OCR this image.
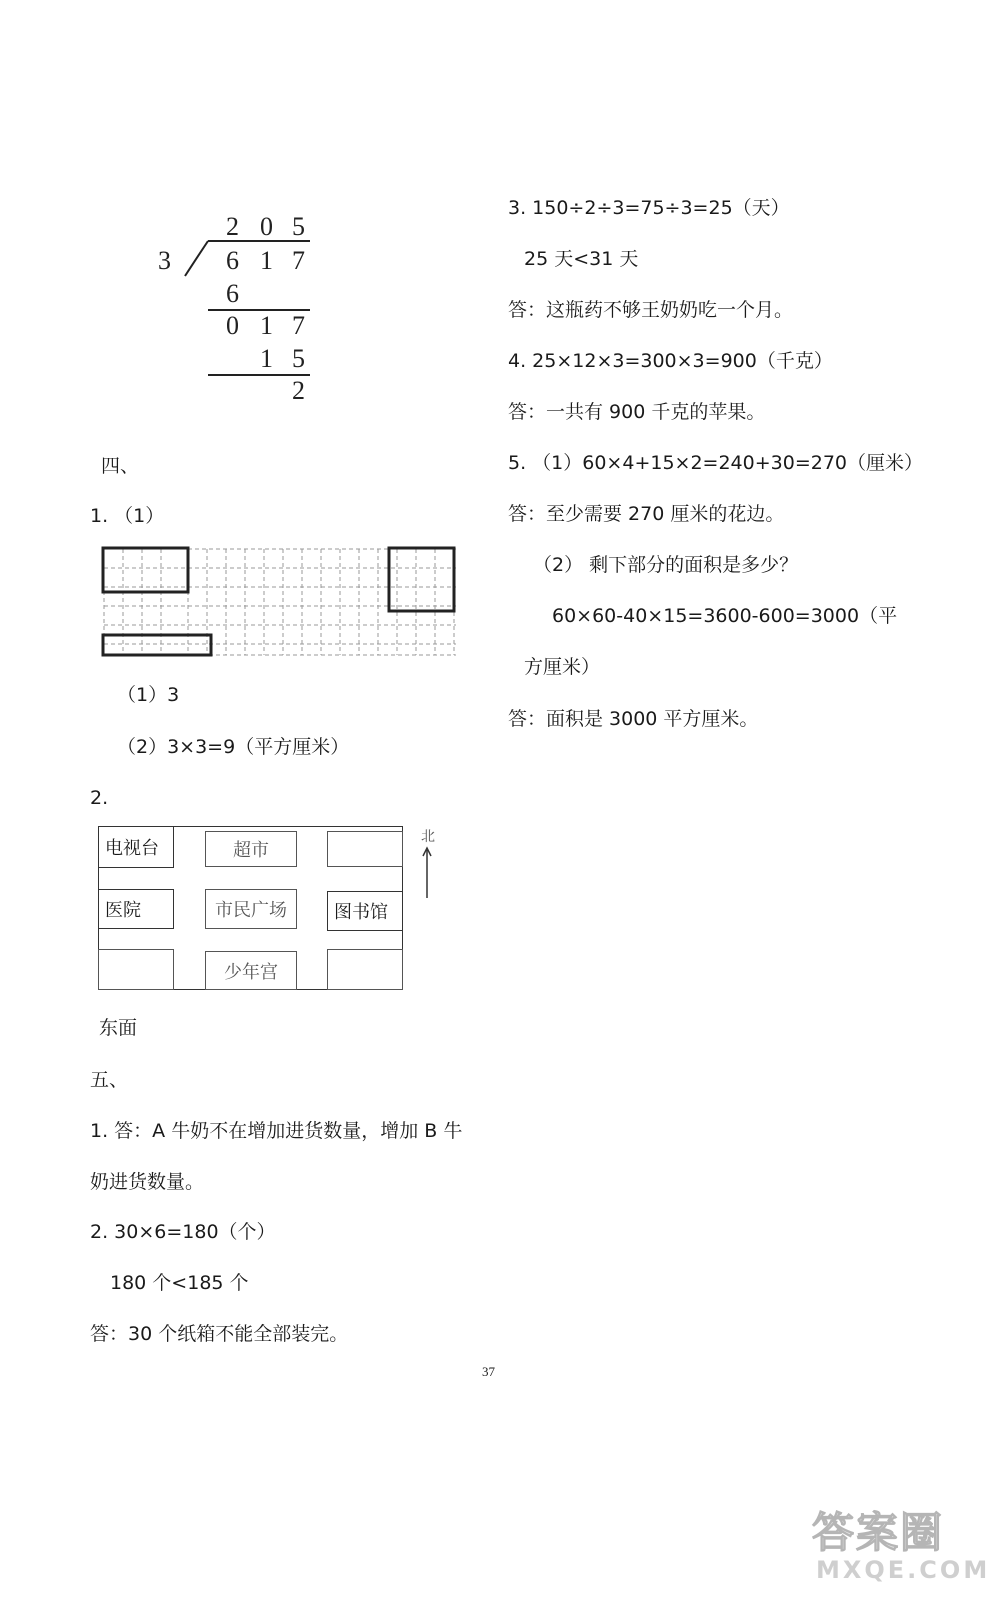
2 0 5
3 6 1 7
6
0 1 7
1 5
2
四、
1. （1）
（1）3
（2）3×3=9（平方厘米）
2.
电视台	超市
医院	市民广场	图书馆
少年宫
北
东面
五、
1. 答：A 牛奶不在增加进货数量，增加 B 牛
奶进货数量。
2. 30×6=180（个）
180 个<185 个
答：30 个纸箱不能全部装完。
3. 150÷2÷3=75÷3=25（天）
25 天<31 天
答：这瓶药不够王奶奶吃一个月。
4. 25×12×3=300×3=900（千克）
答：一共有 900 千克的苹果。
5. （1）60×4+15×2=240+30=270（厘米）
答：至少需要 270 厘米的花边。
（2） 剩下部分的面积是多少？
60×60-40×15=3600-600=3000（平
方厘米）
答：面积是 3000 平方厘米。
37
答案圈
MXQE.COM
